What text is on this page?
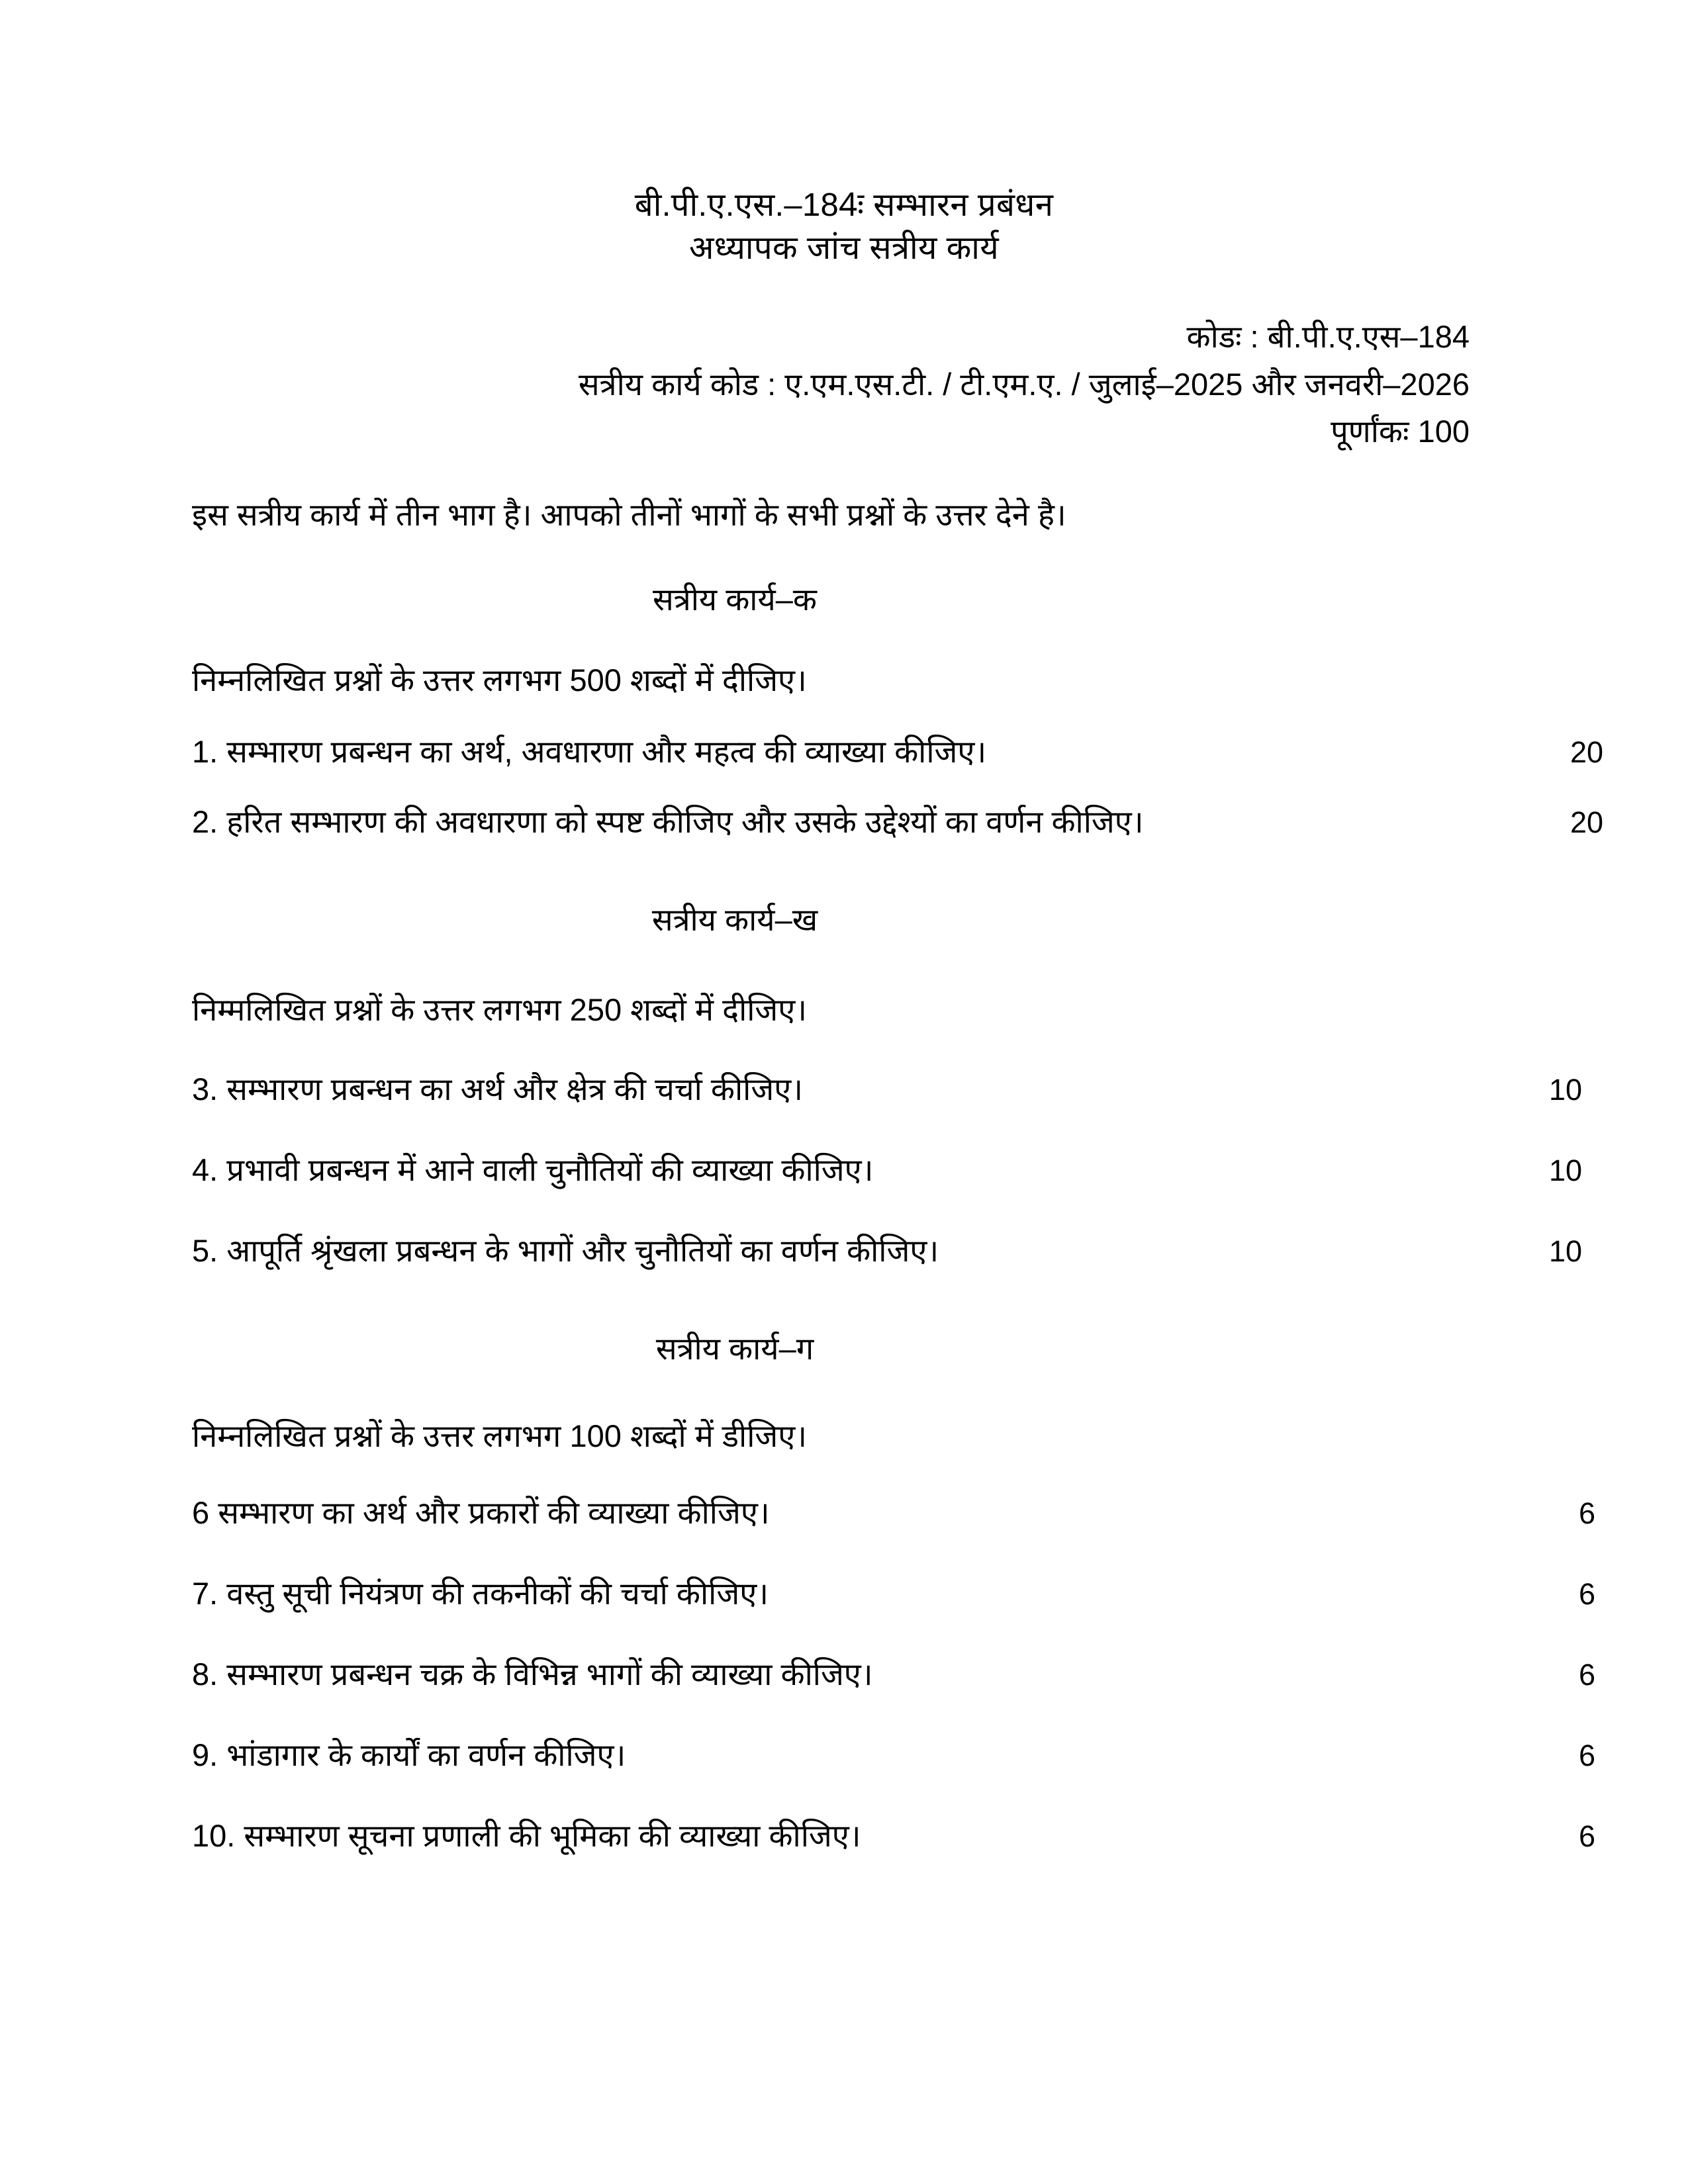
बी.पी.ए.एस.–184ः सम्भारन प्रबंधन
अध्यापक जांच सत्रीय कार्य
कोडः : बी.पी.ए.एस–184
सत्रीय कार्य कोड : ए.एम.एस.टी. / टी.एम.ए. / जुलाई–2025 और जनवरी–2026
पूर्णांकः 100

इस सत्रीय कार्य में तीन भाग है। आपको तीनों भागों के सभी प्रश्नों के उत्तर देने है।

सत्रीय कार्य–क
निम्नलिखित प्रश्नों के उत्तर लगभग 500 शब्दों में दीजिए।
1. सम्भारण प्रबन्धन का अर्थ, अवधारणा और महत्व की व्याख्या कीजिए।	20
2. हरित सम्भारण की अवधारणा को स्पष्ट कीजिए और उसके उद्देश्यों का वर्णन कीजिए।	20
सत्रीय कार्य–ख
निम्मलिखित प्रश्नों के उत्तर लगभग 250 शब्दों में दीजिए।
3. सम्भारण प्रबन्धन का अर्थ और क्षेत्र की चर्चा कीजिए।	10
4. प्रभावी प्रबन्धन में आने वाली चुनौतियों की व्याख्या कीजिए।	10
5. आपूर्ति श्रृंखला प्रबन्धन के भागों और चुनौतियों का वर्णन कीजिए।	10
सत्रीय कार्य–ग
निम्नलिखित प्रश्नों के उत्तर लगभग 100 शब्दों में डीजिए।
6 सम्भारण का अर्थ और प्रकारों की व्याख्या कीजिए।	6
7. वस्तु सूची नियंत्रण की तकनीकों की चर्चा कीजिए।	6
8. सम्भारण प्रबन्धन चक्र के विभिन्न भागों की व्याख्या कीजिए।	6
9. भांडागार के कार्यों का वर्णन कीजिए।	6
10. सम्भारण सूचना प्रणाली की भूमिका की व्याख्या कीजिए।	6
